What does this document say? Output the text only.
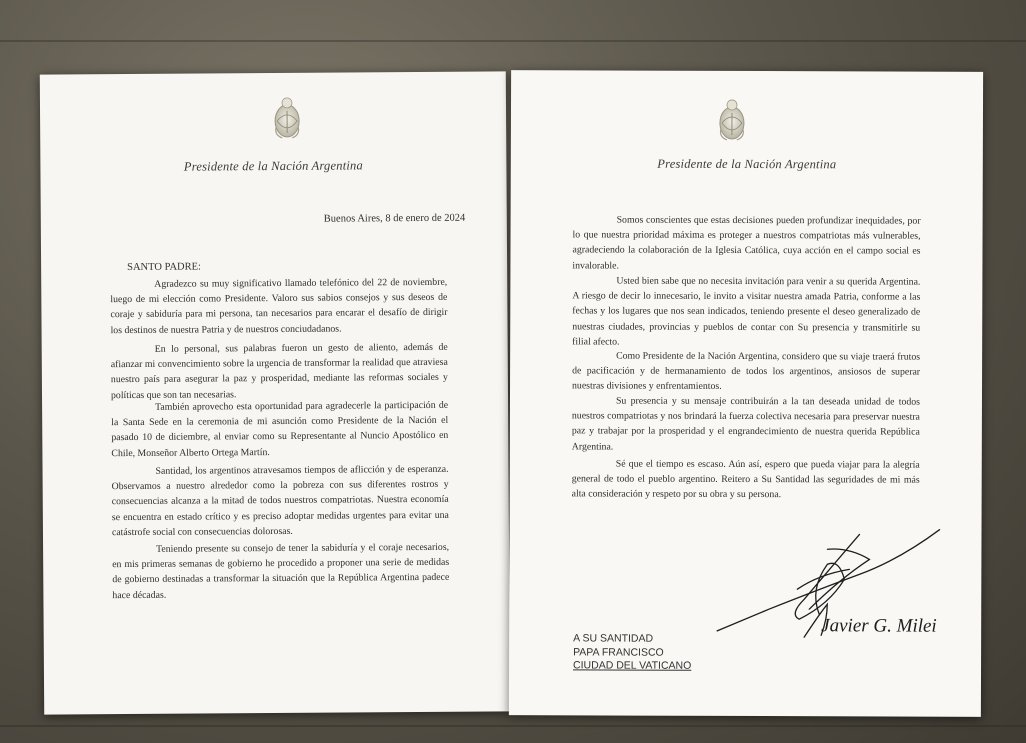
Presidente de la Nación Argentina
Buenos Aires, 8 de enero de 2024
SANTO PADRE:
Agradezco su muy significativo llamado telefónico del 22 de noviembre, luego de mi elección como Presidente. Valoro sus sabios consejos y sus deseos de coraje y sabiduría para mi persona, tan necesarios para encarar el desafío de dirigir los destinos de nuestra Patria y de nuestros conciudadanos.
En lo personal, sus palabras fueron un gesto de aliento, además de afianzar mi convencimiento sobre la urgencia de transformar la realidad que atraviesa nuestro país para asegurar la paz y prosperidad, mediante las reformas sociales y políticas que son tan necesarias.
También aprovecho esta oportunidad para agradecerle la participación de la Santa Sede en la ceremonia de mi asunción como Presidente de la Nación el pasado 10 de diciembre, al enviar como su Representante al Nuncio Apostólico en Chile, Monseñor Alberto Ortega Martín.
Santidad, los argentinos atravesamos tiempos de aflicción y de esperanza. Observamos a nuestro alrededor como la pobreza con sus diferentes rostros y consecuencias alcanza a la mitad de todos nuestros compatriotas. Nuestra economía se encuentra en estado crítico y es preciso adoptar medidas urgentes para evitar una catástrofe social con consecuencias dolorosas.
Teniendo presente su consejo de tener la sabiduría y el coraje necesarios, en mis primeras semanas de gobierno he procedido a proponer una serie de medidas de gobierno destinadas a transformar la situación que la República Argentina padece hace décadas.
Presidente de la Nación Argentina
Somos conscientes que estas decisiones pueden profundizar inequidades, por lo que nuestra prioridad máxima es proteger a nuestros compatriotas más vulnerables, agradeciendo la colaboración de la Iglesia Católica, cuya acción en el campo social es invalorable.
Usted bien sabe que no necesita invitación para venir a su querida Argentina. A riesgo de decir lo innecesario, le invito a visitar nuestra amada Patria, conforme a las fechas y los lugares que nos sean indicados, teniendo presente el deseo generalizado de nuestras ciudades, provincias y pueblos de contar con Su presencia y transmitirle su filial afecto.
Como Presidente de la Nación Argentina, considero que su viaje traerá frutos de pacificación y de hermanamiento de todos los argentinos, ansiosos de superar nuestras divisiones y enfrentamientos.
Su presencia y su mensaje contribuirán a la tan deseada unidad de todos nuestros compatriotas y nos brindará la fuerza colectiva necesaria para preservar nuestra paz y trabajar por la prosperidad y el engrandecimiento de nuestra querida República Argentina.
Sé que el tiempo es escaso. Aún así, espero que pueda viajar para la alegría general de todo el pueblo argentino. Reitero a Su Santidad las seguridades de mi más alta consideración y respeto por su obra y su persona.
Javier G. Milei
A SU SANTIDAD
PAPA FRANCISCO
CIUDAD DEL VATICANO
